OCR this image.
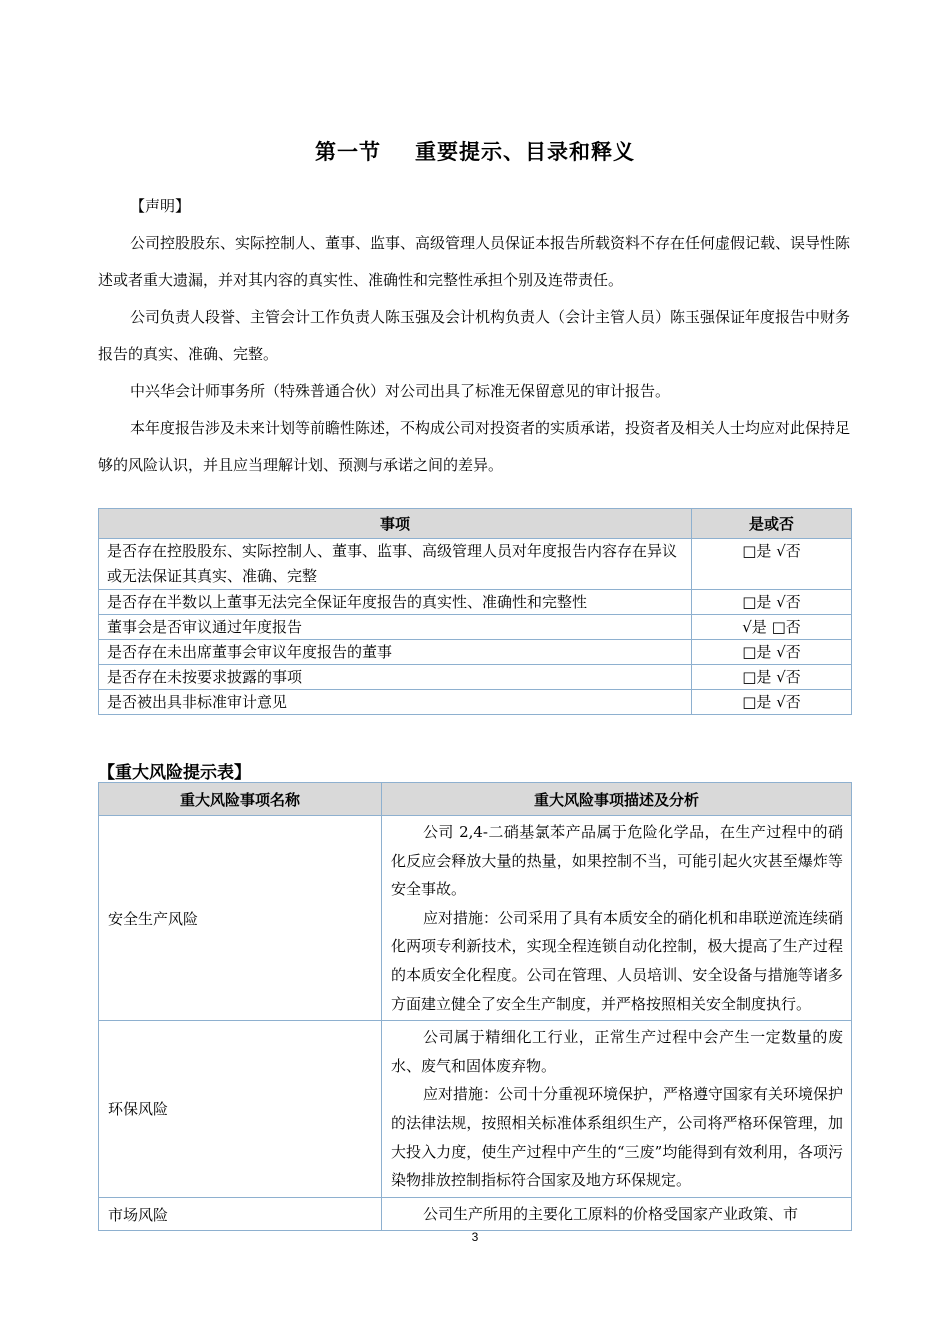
第一节 重要提示、目录和释义
【声明】
公司控股股东、实际控制人、董事、监事、高级管理人员保证本报告所载资料不存在任何虚假记载、误导性陈述或者重大遗漏，并对其内容的真实性、准确性和完整性承担个别及连带责任。
公司负责人段誉、主管会计工作负责人陈玉强及会计机构负责人（会计主管人员）陈玉强保证年度报告中财务报告的真实、准确、完整。
中兴华会计师事务所（特殊普通合伙）对公司出具了标准无保留意见的审计报告。
本年度报告涉及未来计划等前瞻性陈述，不构成公司对投资者的实质承诺，投资者及相关人士均应对此保持足够的风险认识，并且应当理解计划、预测与承诺之间的差异。
事项	是或否
是否存在控股股东、实际控制人、董事、监事、高级管理人员对年度报告内容存在异议或无法保证其真实、准确、完整	□是 √否
是否存在半数以上董事无法完全保证年度报告的真实性、准确性和完整性	□是 √否
董事会是否审议通过年度报告	√是 □否
是否存在未出席董事会审议年度报告的董事	□是 √否
是否存在未按要求披露的事项	□是 √否
是否被出具非标准审计意见	□是 √否
【重大风险提示表】
重大风险事项名称	重大风险事项描述及分析
安全生产风险	公司 2,4-二硝基氯苯产品属于危险化学品，在生产过程中的硝化反应会释放大量的热量，如果控制不当，可能引起火灾甚至爆炸等安全事故。

应对措施：公司采用了具有本质安全的硝化机和串联逆流连续硝化两项专利新技术，实现全程连锁自动化控制，极大提高了生产过程的本质安全化程度。公司在管理、人员培训、安全设备与措施等诸多方面建立健全了安全生产制度，并严格按照相关安全制度执行。

环保风险	公司属于精细化工行业，正常生产过程中会产生一定数量的废水、废气和固体废弃物。

应对措施：公司十分重视环境保护，严格遵守国家有关环境保护的法律法规，按照相关标准体系组织生产，公司将严格环保管理，加大投入力度，使生产过程中产生的“三废”均能得到有效利用，各项污染物排放控制指标符合国家及地方环保规定。

市场风险	公司生产所用的主要化工原料的价格受国家产业政策、市

3
